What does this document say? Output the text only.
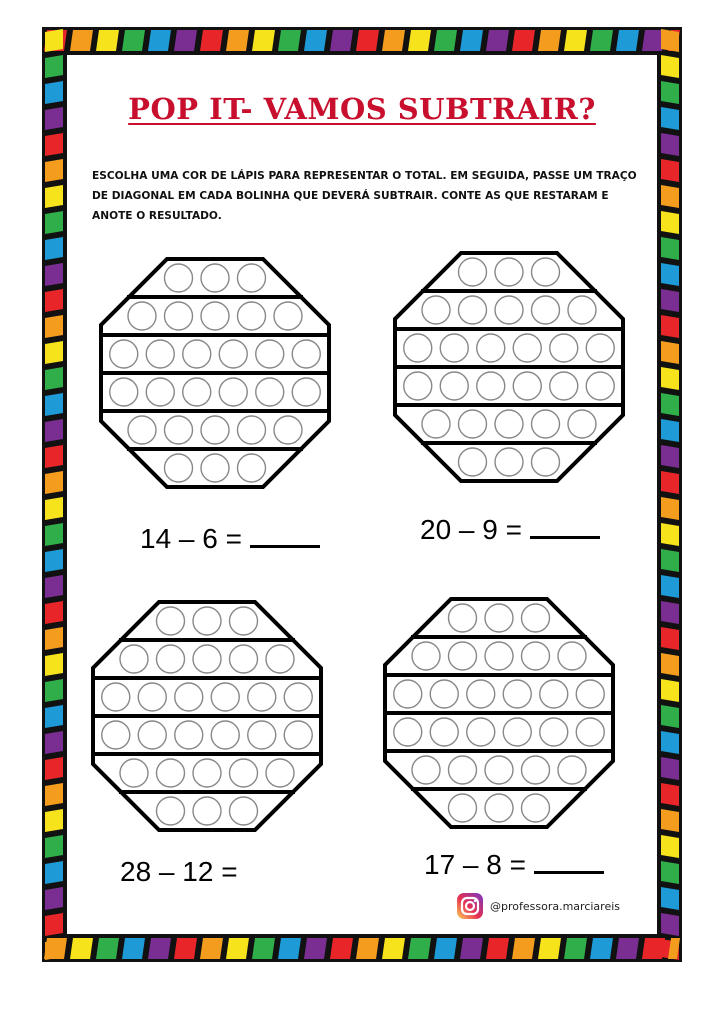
POP IT- VAMOS SUBTRAIR?

ESCOLHA UMA COR DE LÁPIS PARA REPRESENTAR O TOTAL. EM SEGUIDA, PASSE UM TRAÇO DE DIAGONAL EM CADA BOLINHA QUE DEVERÁ SUBTRAIR. CONTE AS QUE RESTARAM E ANOTE O RESULTADO.

14 – 6 =	20 – 9 =
28 – 12 =	17 – 8 =
@professora.marciareis
